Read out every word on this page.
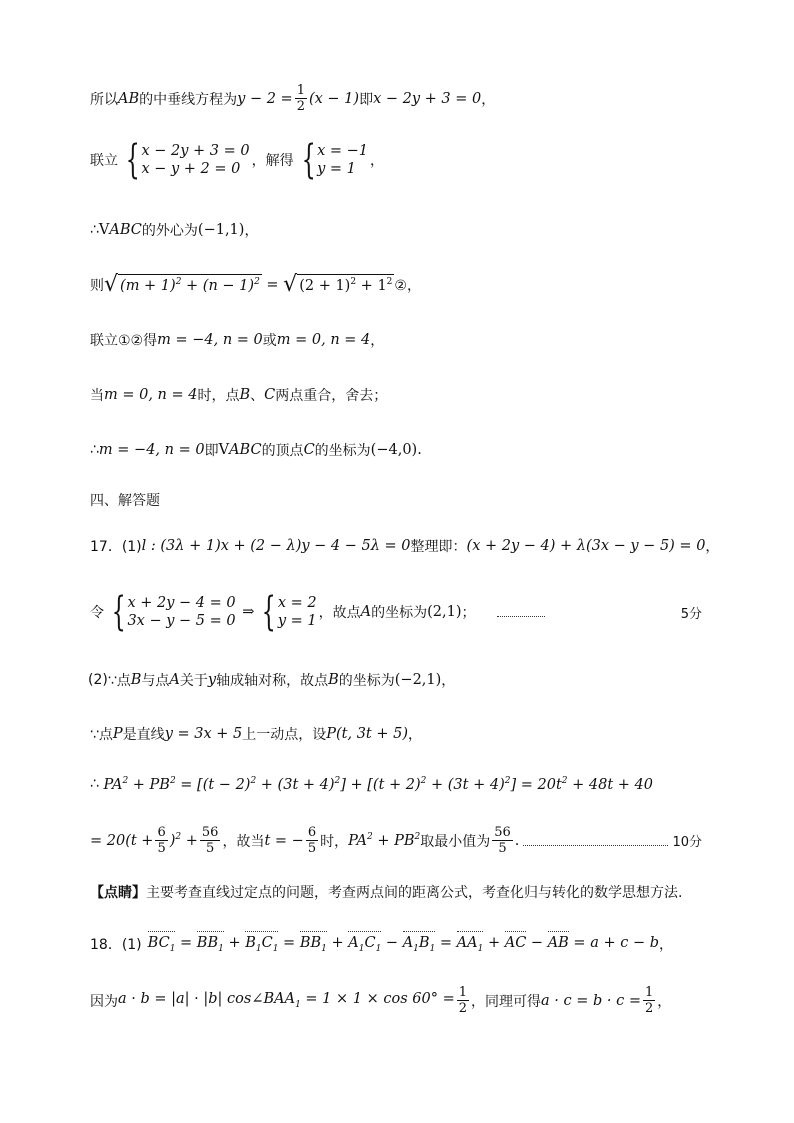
所以 AB 的中垂线方程为 $y - 2 = \frac{1}{2} (x - 1)$ 即 x − 2y + 3 = 0 ，
联立 { x − 2y + 3 = 0
x − y + 2 = 0 ，解得 { x = −1
y = 1	，
∴ V ABC 的外心为 (−1,1) ，
则 √ $(m + 1)^2 + (n - 1)^2$ = √ $(2 + 1)^2 + 1^2$ ②，
联立①②得 m = −4, n = 0 或 m = 0, n = 4 ，
当 m = 0, n = 4 时，点 B 、 C 两点重合，舍去；
∴ m = −4, n = 0 即 V ABC 的顶点 C 的坐标为 (−4,0) .
四、解答题
17．(1) l : (3λ + 1)x + (2 − λ)y − 4 − 5λ = 0 整理即： (x + 2y − 4) + λ(3x − y − 5) = 0 ，
令 { x + 2y − 4 = 0
3x − y − 5 = 0
⇒ { x = 2
y = 1 ，故点 A 的坐标为 (2,1) ；	5分
(2) ∵点 B 与点 A 关于 y 轴成轴对称，故点 B 的坐标为 (−2,1) ，
∵点 P 是直线 y = 3x + 5 上一动点，设 P(t, 3t + 5) ，
∴ $PA^2 + PB^2 = [(t - 2)^2 + (3t + 4)^2] + [(t + 2)^2 + (3t + 4)^2] = 20t^2 + 48t + 40$
= $20(t + \frac{6}{5} )^2 + \frac{56}{5}$ ，故当 t = − $\frac{6}{5}$ 时， $PA^2 + PB^2$ 取最小值为 $\frac{56}{5}$ .	10分
【点睛】 主要考查直线过定点的问题，考查两点间的距离公式，考查化归与转化的数学思想方法.
18．(1) $BC_1 = BB_1 + B_1C_1 = BB_1 + A_1C_1 - A_1B_1 = AA_1$ + AC − AB = a + c − b ，
因为 a · b = |a| · |b| $\cos\angle BAA_1 = 1 \times 1 \times \cos 60^\circ = \frac{1}{2}$ ，同理可得 $a \cdot c = b \cdot c = \frac{1}{2}$ ，
